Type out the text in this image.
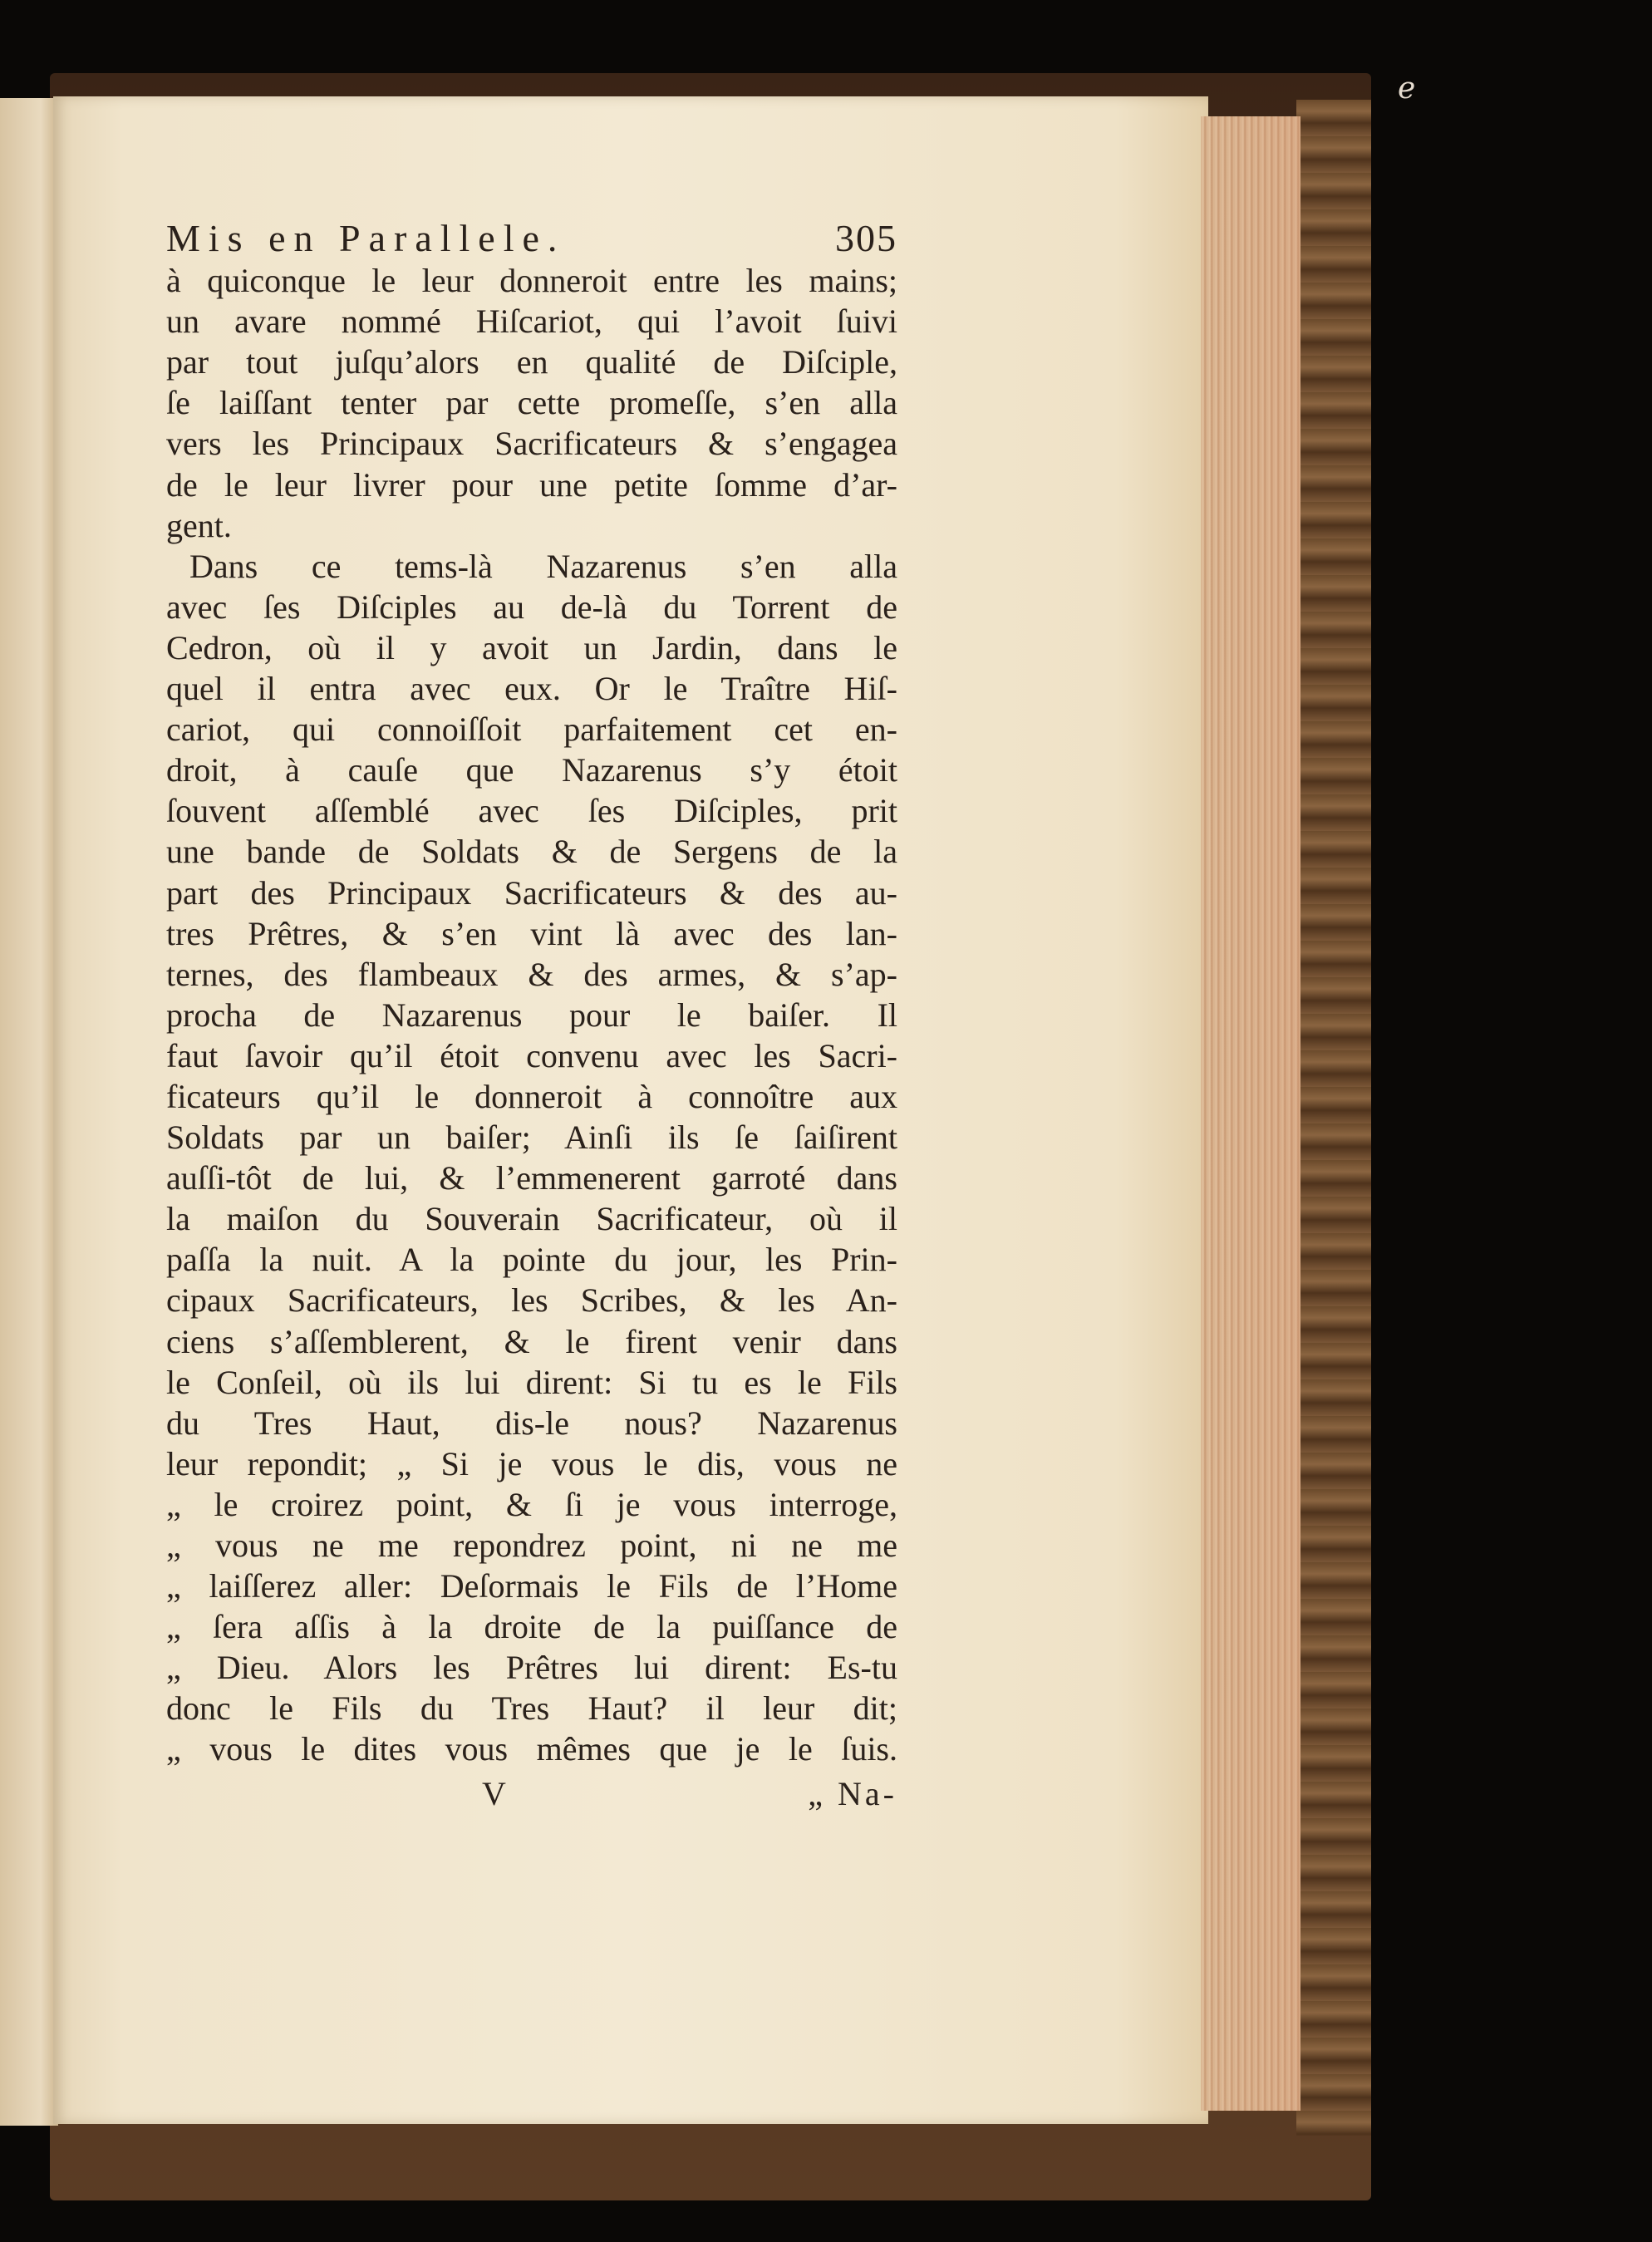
e
Mis en Parallele.	305
à quiconque le leur donneroit entre les mains;
un avare nommé Hiſcariot, qui l’avoit ſuivi
par tout juſqu’alors en qualité de Diſciple,
ſe laiſſant tenter par cette promeſſe, s’en alla
vers les Principaux Sacrificateurs & s’engagea
de le leur livrer pour une petite ſomme d’ar-
gent.
Dans ce tems-là Nazarenus s’en alla
avec ſes Diſciples au de-là du Torrent de
Cedron, où il y avoit un Jardin, dans le
quel il entra avec eux. Or le Traître Hiſ-
cariot, qui connoiſſoit parfaitement cet en-
droit, à cauſe que Nazarenus s’y étoit
ſouvent aſſemblé avec ſes Diſciples, prit
une bande de Soldats & de Sergens de la
part des Principaux Sacrificateurs & des au-
tres Prêtres, & s’en vint là avec des lan-
ternes, des flambeaux & des armes, & s’ap-
procha de Nazarenus pour le baiſer. Il
faut ſavoir qu’il étoit convenu avec les Sacri-
ficateurs qu’il le donneroit à connoître aux
Soldats par un baiſer; Ainſi ils ſe ſaiſirent
auſſi-tôt de lui, & l’emmenerent garroté dans
la maiſon du Souverain Sacrificateur, où il
paſſa la nuit. A la pointe du jour, les Prin-
cipaux Sacrificateurs, les Scribes, & les An-
ciens s’aſſemblerent, & le firent venir dans
le Conſeil, où ils lui dirent: Si tu es le Fils
du Tres Haut, dis-le nous? Nazarenus
leur repondit; „ Si je vous le dis, vous ne
„ le croirez point, & ſi je vous interroge,
„ vous ne me repondrez point, ni ne me
„ laiſſerez aller: Deſormais le Fils de l’Home
„ ſera aſſis à la droite de la puiſſance de
„ Dieu. Alors les Prêtres lui dirent: Es-tu
donc le Fils du Tres Haut? il leur dit;
„ vous le dites vous mêmes que je le ſuis.
V	„ Na-
